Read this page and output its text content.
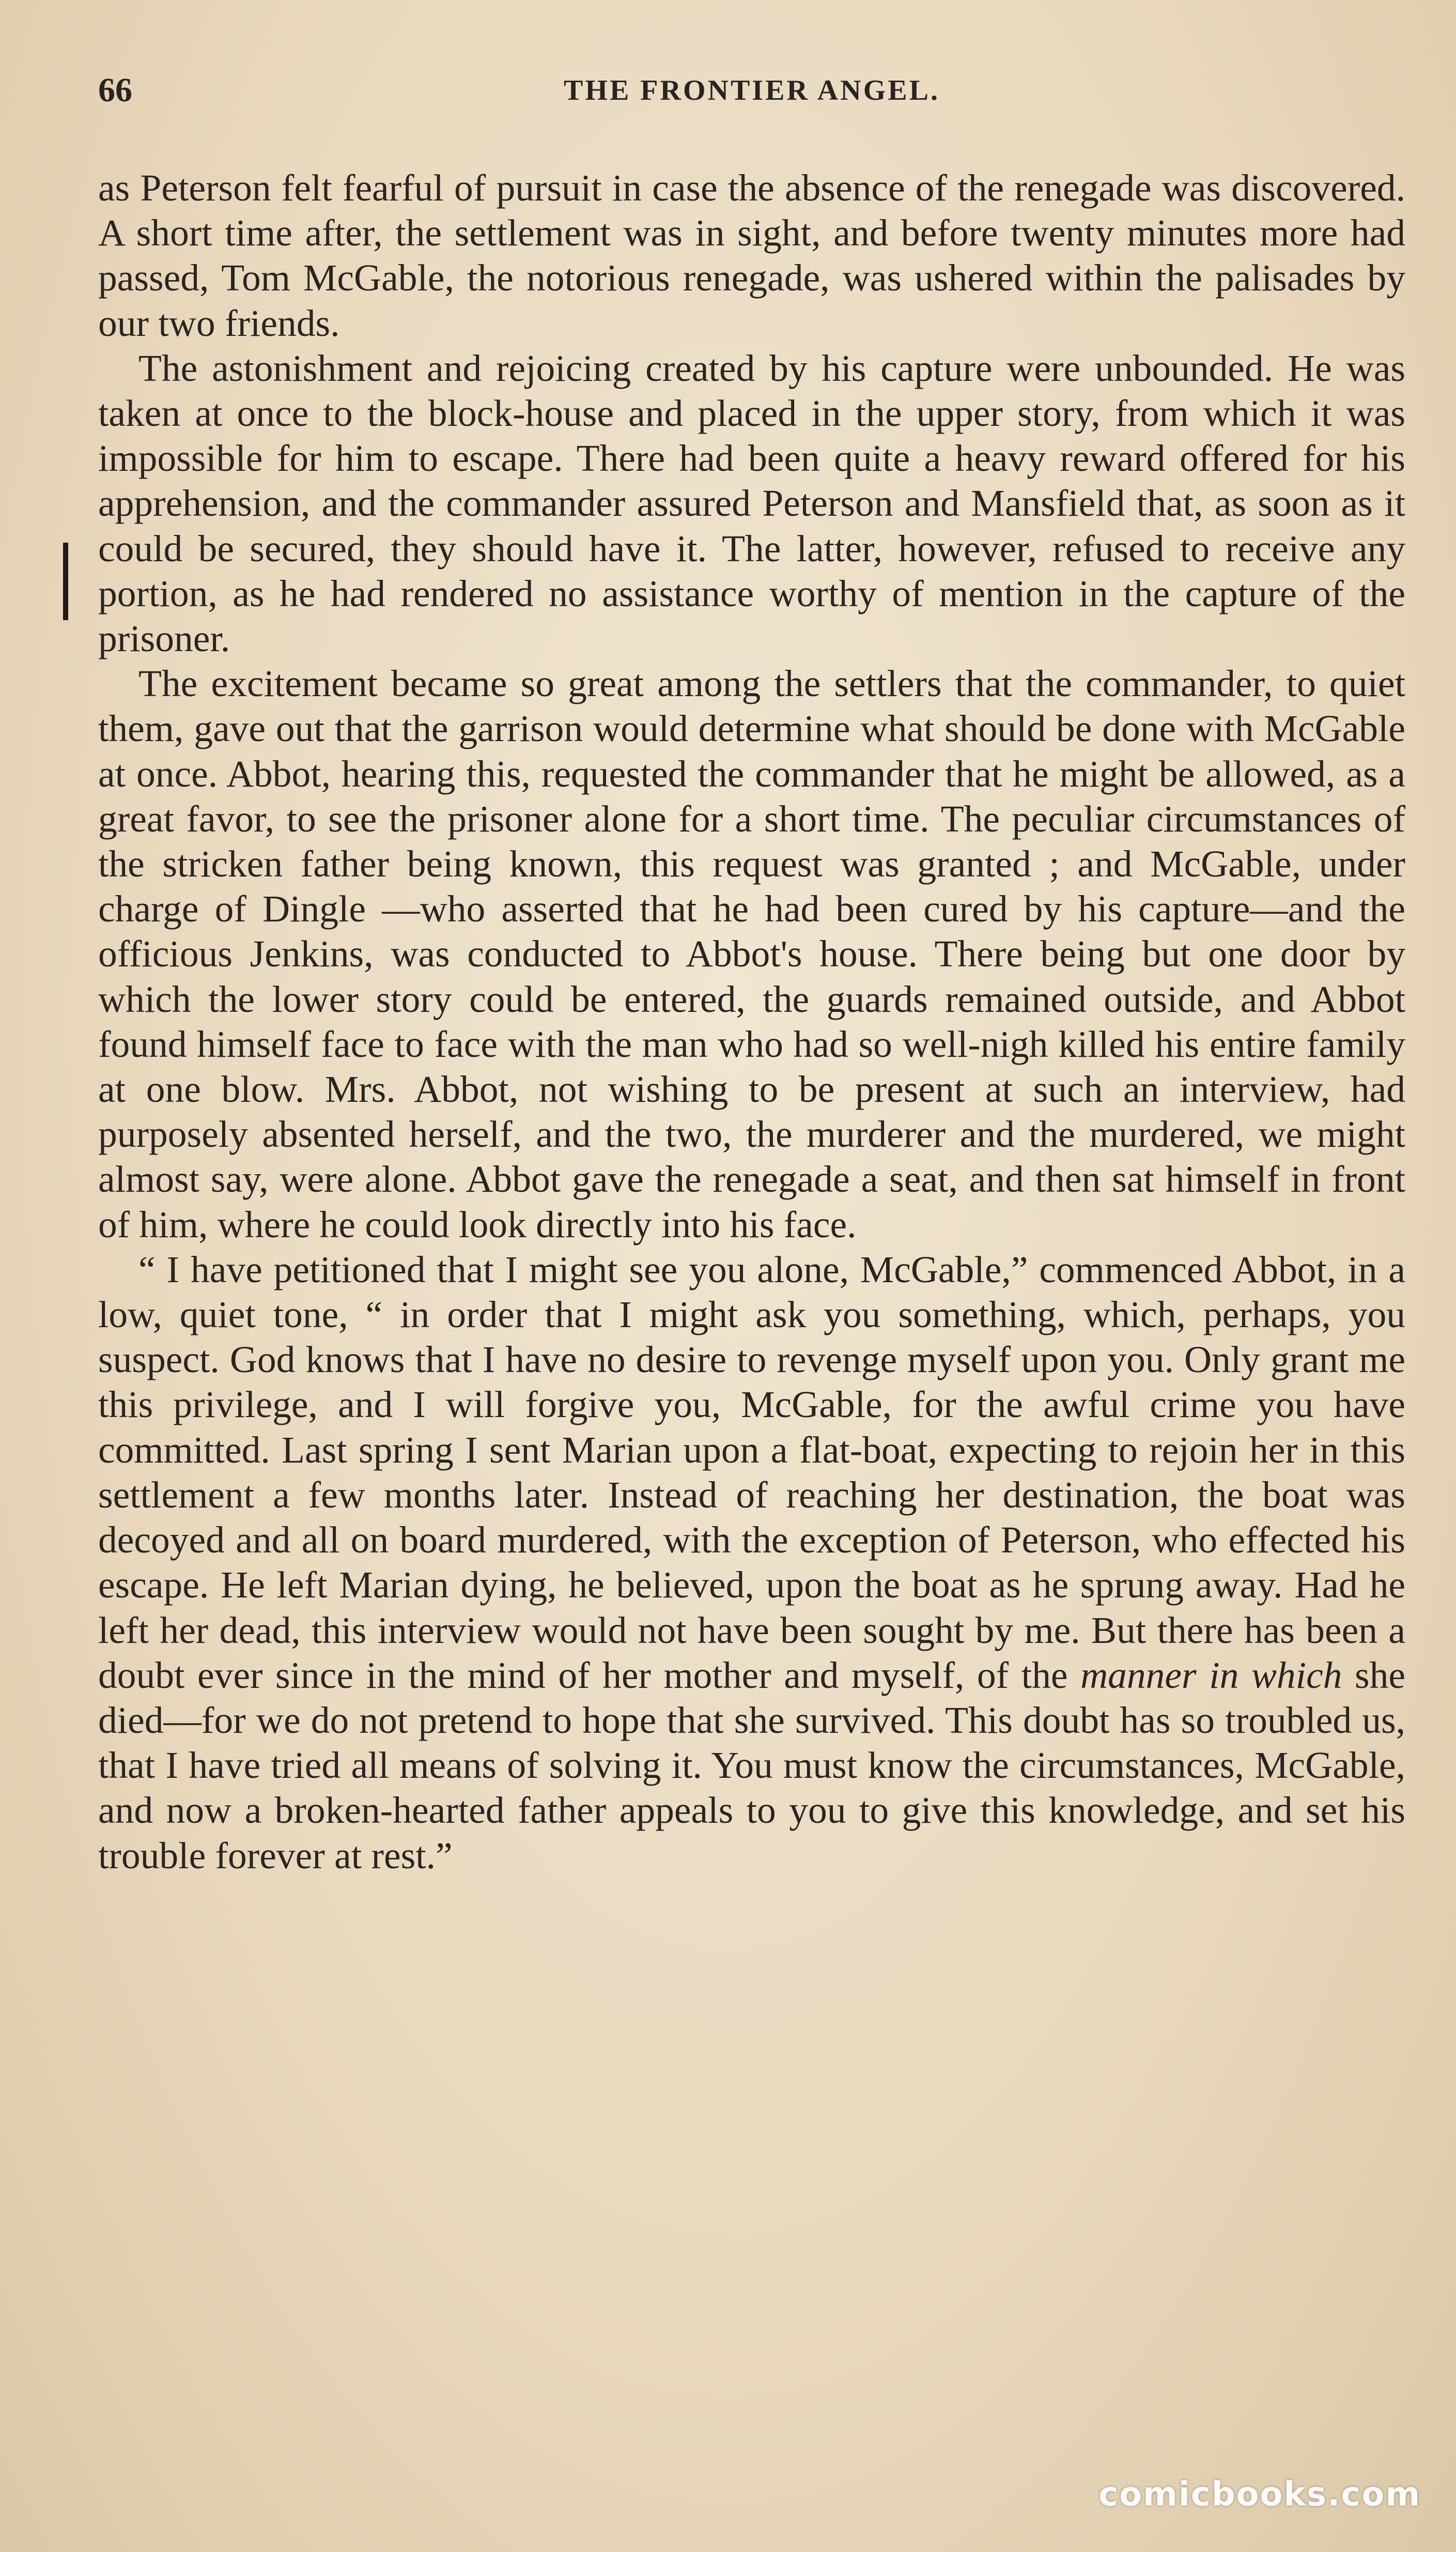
66	THE FRONTIER ANGEL.

as Peterson felt fearful of pursuit in case the absence of the renegade was discovered. A short time after, the settlement was in sight, and before twenty minutes more had passed, Tom McGable, the notorious renegade, was ushered within the palisades by our two friends.

The astonishment and rejoicing created by his capture were unbounded. He was taken at once to the block-house and placed in the upper story, from which it was impossible for him to escape. There had been quite a heavy reward offered for his apprehension, and the commander assured Peterson and Mansfield that, as soon as it could be secured, they should have it. The latter, however, refused to receive any portion, as he had rendered no assistance worthy of mention in the capture of the prisoner.

The excitement became so great among the settlers that the commander, to quiet them, gave out that the garrison would determine what should be done with McGable at once. Abbot, hearing this, requested the commander that he might be allowed, as a great favor, to see the prisoner alone for a short time. The peculiar circumstances of the stricken father being known, this request was granted ; and McGable, under charge of Dingle —who asserted that he had been cured by his capture—and the officious Jenkins, was conducted to Abbot's house. There being but one door by which the lower story could be entered, the guards remained outside, and Abbot found himself face to face with the man who had so well-nigh killed his entire family at one blow. Mrs. Abbot, not wishing to be present at such an interview, had purposely absented herself, and the two, the murderer and the murdered, we might almost say, were alone. Abbot gave the renegade a seat, and then sat himself in front of him, where he could look directly into his face.

“ I have petitioned that I might see you alone, McGable,” commenced Abbot, in a low, quiet tone, “ in order that I might ask you something, which, perhaps, you suspect. God knows that I have no desire to revenge myself upon you. Only grant me this privilege, and I will forgive you, McGable, for the awful crime you have committed. Last spring I sent Marian upon a flat-boat, expecting to rejoin her in this settlement a few months later. Instead of reaching her destination, the boat was decoyed and all on board murdered, with the exception of Peterson, who effected his escape. He left Marian dying, he believed, upon the boat as he sprung away. Had he left her dead, this interview would not have been sought by me. But there has been a doubt ever since in the mind of her mother and myself, of the manner in which she died—for we do not pretend to hope that she survived. This doubt has so troubled us, that I have tried all means of solving it. You must know the circumstances, McGable, and now a broken-hearted father appeals to you to give this knowledge, and set his trouble forever at rest.”

comicbooks.com
